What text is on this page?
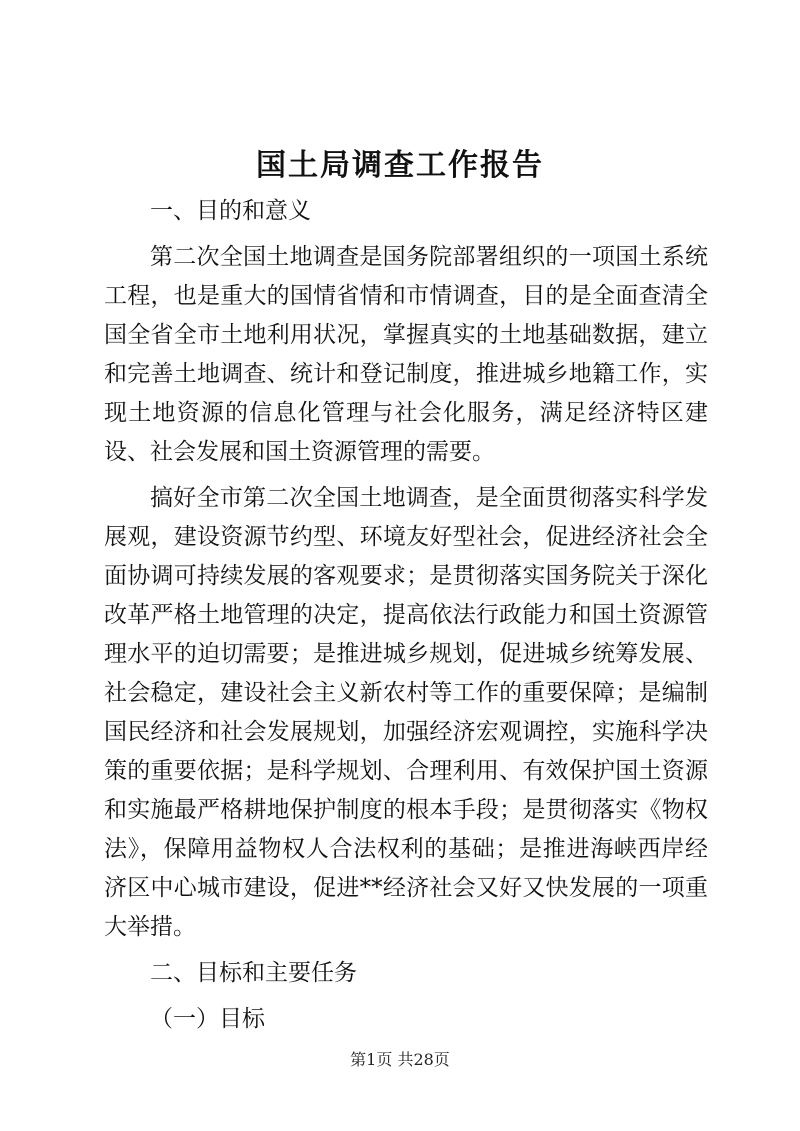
国土局调查工作报告

一、目的和意义

第二次全国土地调查是国务院部署组织的一项国土系统工程，也是重大的国情省情和市情调查，目的是全面查清全国全省全市土地利用状况，掌握真实的土地基础数据，建立和完善土地调查、统计和登记制度，推进城乡地籍工作，实现土地资源的信息化管理与社会化服务，满足经济特区建设、社会发展和国土资源管理的需要。

搞好全市第二次全国土地调查，是全面贯彻落实科学发展观，建设资源节约型、环境友好型社会，促进经济社会全面协调可持续发展的客观要求；是贯彻落实国务院关于深化改革严格土地管理的决定，提高依法行政能力和国土资源管理水平的迫切需要；是推进城乡规划，促进城乡统筹发展、社会稳定，建设社会主义新农村等工作的重要保障；是编制国民经济和社会发展规划，加强经济宏观调控，实施科学决策的重要依据；是科学规划、合理利用、有效保护国土资源和实施最严格耕地保护制度的根本手段；是贯彻落实《物权法》，保障用益物权人合法权利的基础；是推进海峡西岸经济区中心城市建设，促进**经济社会又好又快发展的一项重大举措。

二、目标和主要任务

（一）目标

第1页 共28页
